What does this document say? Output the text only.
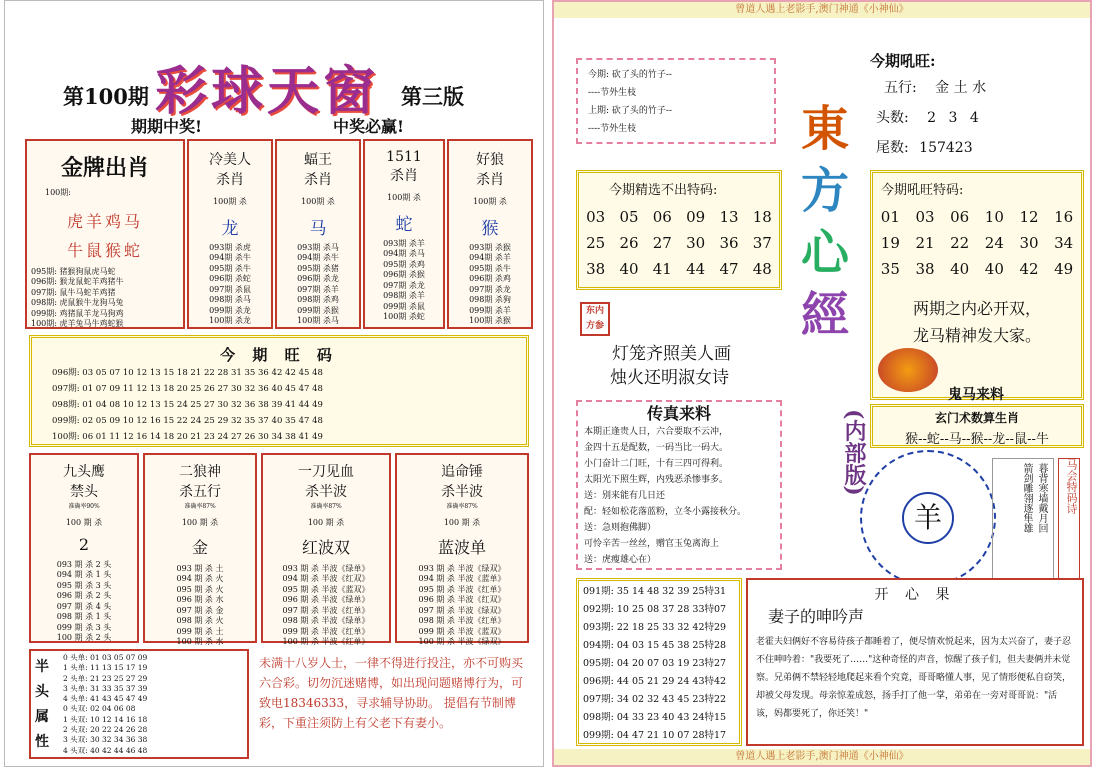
第100期 彩球天窗 第三版
期期中奖!	中奖必赢!
金牌出肖
100期:
虎羊鸡马
牛鼠猴蛇
095期: 猪猴狗鼠虎马蛇
096期: 猴龙鼠蛇羊鸡猪牛
097期: 鼠牛马蛇羊鸡猪
098期: 虎鼠猴牛龙狗马兔
099期: 鸡猪鼠羊龙马狗鸡
100期: 虎羊兔马牛鸡蛇猴
冷美人
杀肖
100期 杀
龙
093期 杀虎
094期 杀牛
095期 杀牛
096期 杀蛇
097期 杀鼠
098期 杀马
099期 杀龙
100期 杀龙
蝠王
杀肖
100期 杀
马
093期 杀马
094期 杀牛
095期 杀猪
096期 杀龙
097期 杀羊
098期 杀鸡
099期 杀猴
100期 杀马
1511
杀肖
100期 杀
蛇
093期 杀羊
094期 杀马
095期 杀鸡
096期 杀猴
097期 杀龙
098期 杀羊
099期 杀鼠
100期 杀蛇
好狼
杀肖
100期 杀
猴
093期 杀猴
094期 杀羊
095期 杀牛
096期 杀鸡
097期 杀龙
098期 杀狗
099期 杀羊
100期 杀猴
今 期 旺 码
096期: 03 05 07 10 12 13 15 18 21 22 28 31 35 36 42 42 45 48
097期: 01 07 09 11 12 13 18 20 25 26 27 30 32 36 40 45 47 48
098期: 01 04 08 10 12 13 15 24 25 27 30 32 36 38 39 41 44 49
099期: 02 05 09 10 12 16 15 22 24 25 29 32 35 37 40 35 47 48
100期: 06 01 11 12 16 14 18 20 21 23 24 27 26 30 34 38 41 49
九头鹰
禁头
准确率90%
100 期 杀
2
093 期 杀 2 头
094 期 杀 1 头
095 期 杀 3 头
096 期 杀 2 头
097 期 杀 4 头
098 期 杀 1 头
099 期 杀 3 头
100 期 杀 2 头
二狼神
杀五行
准确率87%
100 期 杀
金
093 期 杀 土
094 期 杀 火
095 期 杀 火
096 期 杀 水
097 期 杀 金
098 期 杀 火
099 期 杀 土
100 期 杀 水
一刀见血
杀半波
准确率87%
100 期 杀
红波双
093 期 杀 半波《绿单》
094 期 杀 半波《红双》
095 期 杀 半波《蓝双》
096 期 杀 半波《绿单》
097 期 杀 半波《红单》
098 期 杀 半波《绿单》
099 期 杀 半波《红单》
100 期 杀 半波《红单》
追命锤
杀半波
准确率87%
100 期 杀
蓝波单
093 期 杀 半波《绿双》
094 期 杀 半波《蓝单》
095 期 杀 半波《红单》
096 期 杀 半波《红双》
097 期 杀 半波《绿双》
098 期 杀 半波《红单》
099 期 杀 半波《蓝双》
100 期 杀 半波《绿双》
半
头
属
性
0 头单: 01 03 05 07 09
1 头单: 11 13 15 17 19
2 头单: 21 23 25 27 29
3 头单: 31 33 35 37 39
4 头单: 41 43 45 47 49
0 头双: 02 04 06 08
1 头双: 10 12 14 16 18
2 头双: 20 22 24 26 28
3 头双: 30 32 34 36 38
4 头双: 40 42 44 46 48
未满十八岁人士，一律不得进行投注，亦不可购买六合彩。切勿沉迷赌博，如出现问题赌博行为，可致电18346333，寻求辅导协助。 提倡有节制博彩，下重注须防上有父老下有妻小。
曾道人遇上老影手,澳门神通《小神仙》
曾道人遇上老影手,澳门神通《小神仙》
今期: 砍了头的竹子--
----节外生枝
上期: 砍了头的竹子--
----节外生枝	東
方
心
經
(内部版)
今期吼旺:
五行: 金 土 水
头数: 2 3 4
尾数: 157423
今期精选不出特码:
03 05 06 09 13 18
25 26 27 30 36 37
38 40 41 44 47 48
今期吼旺特码:
01	03	06	10	12	16
19	21	22	24	30	34
35	38	40	40	42	49
两期之内必开双，
龙马精神发大家。
东内方参
灯笼齐照美人画
烛火还明淑女诗
传真来料
本期正逢贵人日，六合要取不云冲，
金四十五是配数，一码当比一码大。
小门奋计二门旺，十有三四可得利。
太阳光下照生辉，内残恶杀惨事多。
送：别来能有几日还
配：轻如松花落蓝粉，立冬小露接秋分。
送：急则抱佛脚）
可怜辛苦一丝丝，赠官玉兔离海上
送：虎瘦雄心在）
鬼马来料
玄门术数算生肖
猴--蛇--马--猴--龙--鼠--牛
羊	暮背寒墙戴月回
箭剑雕翎逐隼雄	马会特码诗
091期: 35 14 48 32 39 25特31
092期: 10 25 08 37 28 33特07
093期: 22 18 25 33 32 42特29
094期: 04 03 15 45 38 25特28
095期: 04 20 07 03 19 23特27
096期: 44 05 21 29 24 43特42
097期: 34 02 32 43 45 23特22
098期: 04 33 23 40 43 24特15
099期: 04 47 21 10 07 28特17
开 心 果
妻子的呻吟声
老霍夫妇俩好不容易待孩子都睡着了，便尽情欢悦起来，因为太兴奋了，妻子忍不住呻吟着："我要死了……"这种奇怪的声音，惊醒了孩子们，但夫妻俩并未觉察。兄弟俩不禁轻轻地爬起来看个究竟，哥哥略懂人事，见了情形便私自窃笑，却被父母发现。母亲惊羞成怒，扬手打了他一掌，弟弟在一旁对哥哥说："活该，妈都要死了，你还笑！"
